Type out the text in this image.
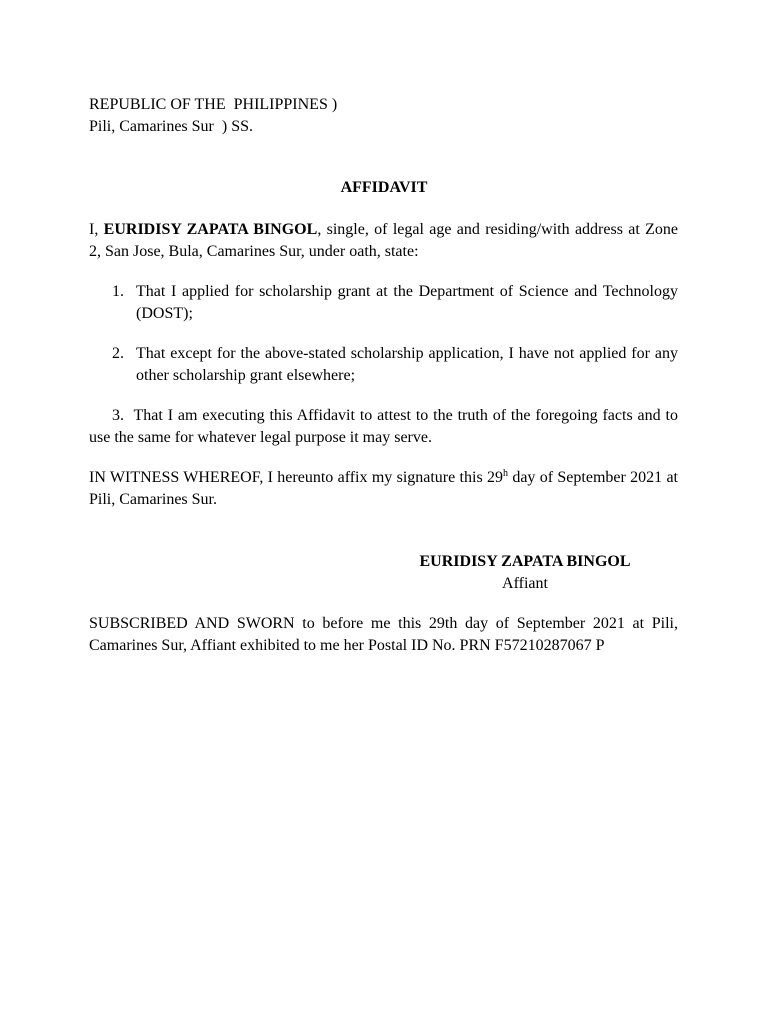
REPUBLIC OF THE  PHILIPPINES )
Pili, Camarines Sur  ) SS.
AFFIDAVIT
I, EURIDISY ZAPATA BINGOL, single, of legal age and residing/with address at Zone 2, San Jose, Bula, Camarines Sur, under oath, state:
1. That I applied for scholarship grant at the Department of Science and Technology (DOST);
2. That except for the above-stated scholarship application, I have not applied for any other scholarship grant elsewhere;
3. That I am executing this Affidavit to attest to the truth of the foregoing facts and to use the same for whatever legal purpose it may serve.
IN WITNESS WHEREOF, I hereunto affix my signature this 29$^h$ day of September 2021 at Pili, Camarines Sur.
EURIDISY ZAPATA BINGOL
Affiant
SUBSCRIBED AND SWORN to before me this 29th day of September 2021 at Pili, Camarines Sur, Affiant exhibited to me her Postal ID No. PRN F57210287067 P
